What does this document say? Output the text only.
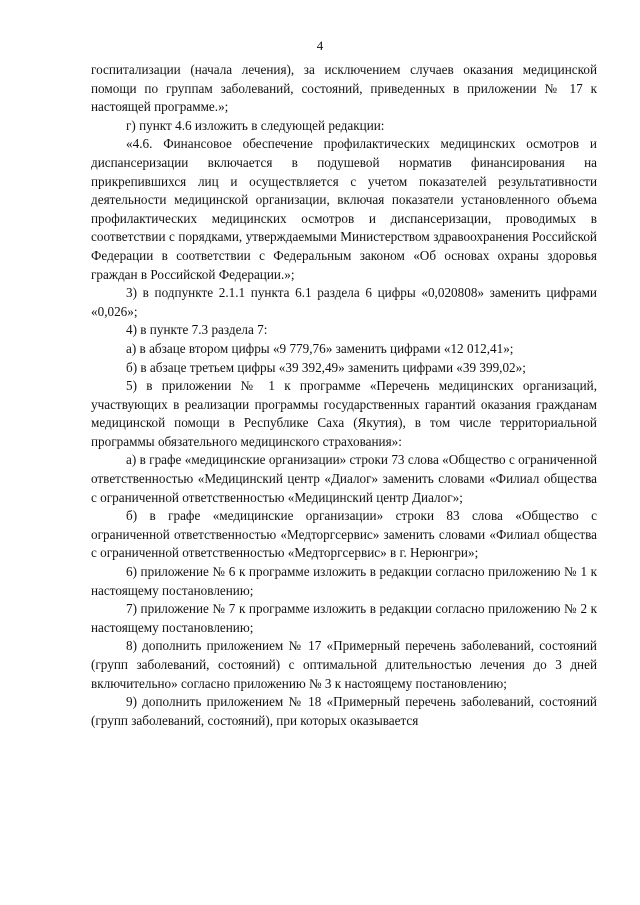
4

госпитализации (начала лечения), за исключением случаев оказания медицинской помощи по группам заболеваний, состояний, приведенных в приложении № 17 к настоящей программе.»;

г) пункт 4.6 изложить в следующей редакции:

«4.6. Финансовое обеспечение профилактических медицинских осмотров и диспансеризации включается в подушевой норматив финансирования на прикрепившихся лиц и осуществляется с учетом показателей результативности деятельности медицинской организации, включая показатели установленного объема профилактических медицинских осмотров и диспансеризации, проводимых в соответствии с порядками, утверждаемыми Министерством здравоохранения Российской Федерации в соответствии с Федеральным законом «Об основах охраны здоровья граждан в Российской Федерации.»;

3) в подпункте 2.1.1 пункта 6.1 раздела 6 цифры «0,020808» заменить цифрами «0,026»;

4) в пункте 7.3 раздела 7:

а) в абзаце втором цифры «9 779,76» заменить цифрами «12 012,41»;

б) в абзаце третьем цифры «39 392,49» заменить цифрами «39 399,02»;

5) в приложении № 1 к программе «Перечень медицинских организаций, участвующих в реализации программы государственных гарантий оказания гражданам медицинской помощи в Республике Саха (Якутия), в том числе территориальной программы обязательного медицинского страхования»:

а) в графе «медицинские организации» строки 73 слова «Общество с ограниченной ответственностью «Медицинский центр «Диалог» заменить словами «Филиал общества с ограниченной ответственностью «Медицинский центр Диалог»;

б) в графе «медицинские организации» строки 83 слова «Общество с ограниченной ответственностью «Медторгсервис» заменить словами «Филиал общества с ограниченной ответственностью «Медторгсервис» в г. Нерюнгри»;

6) приложение № 6 к программе изложить в редакции согласно приложению № 1 к настоящему постановлению;

7) приложение № 7 к программе изложить в редакции согласно приложению № 2 к настоящему постановлению;

8) дополнить приложением № 17 «Примерный перечень заболеваний, состояний (групп заболеваний, состояний) с оптимальной длительностью лечения до 3 дней включительно» согласно приложению № 3 к настоящему постановлению;

9) дополнить приложением № 18 «Примерный перечень заболеваний, состояний (групп заболеваний, состояний), при которых оказывается
